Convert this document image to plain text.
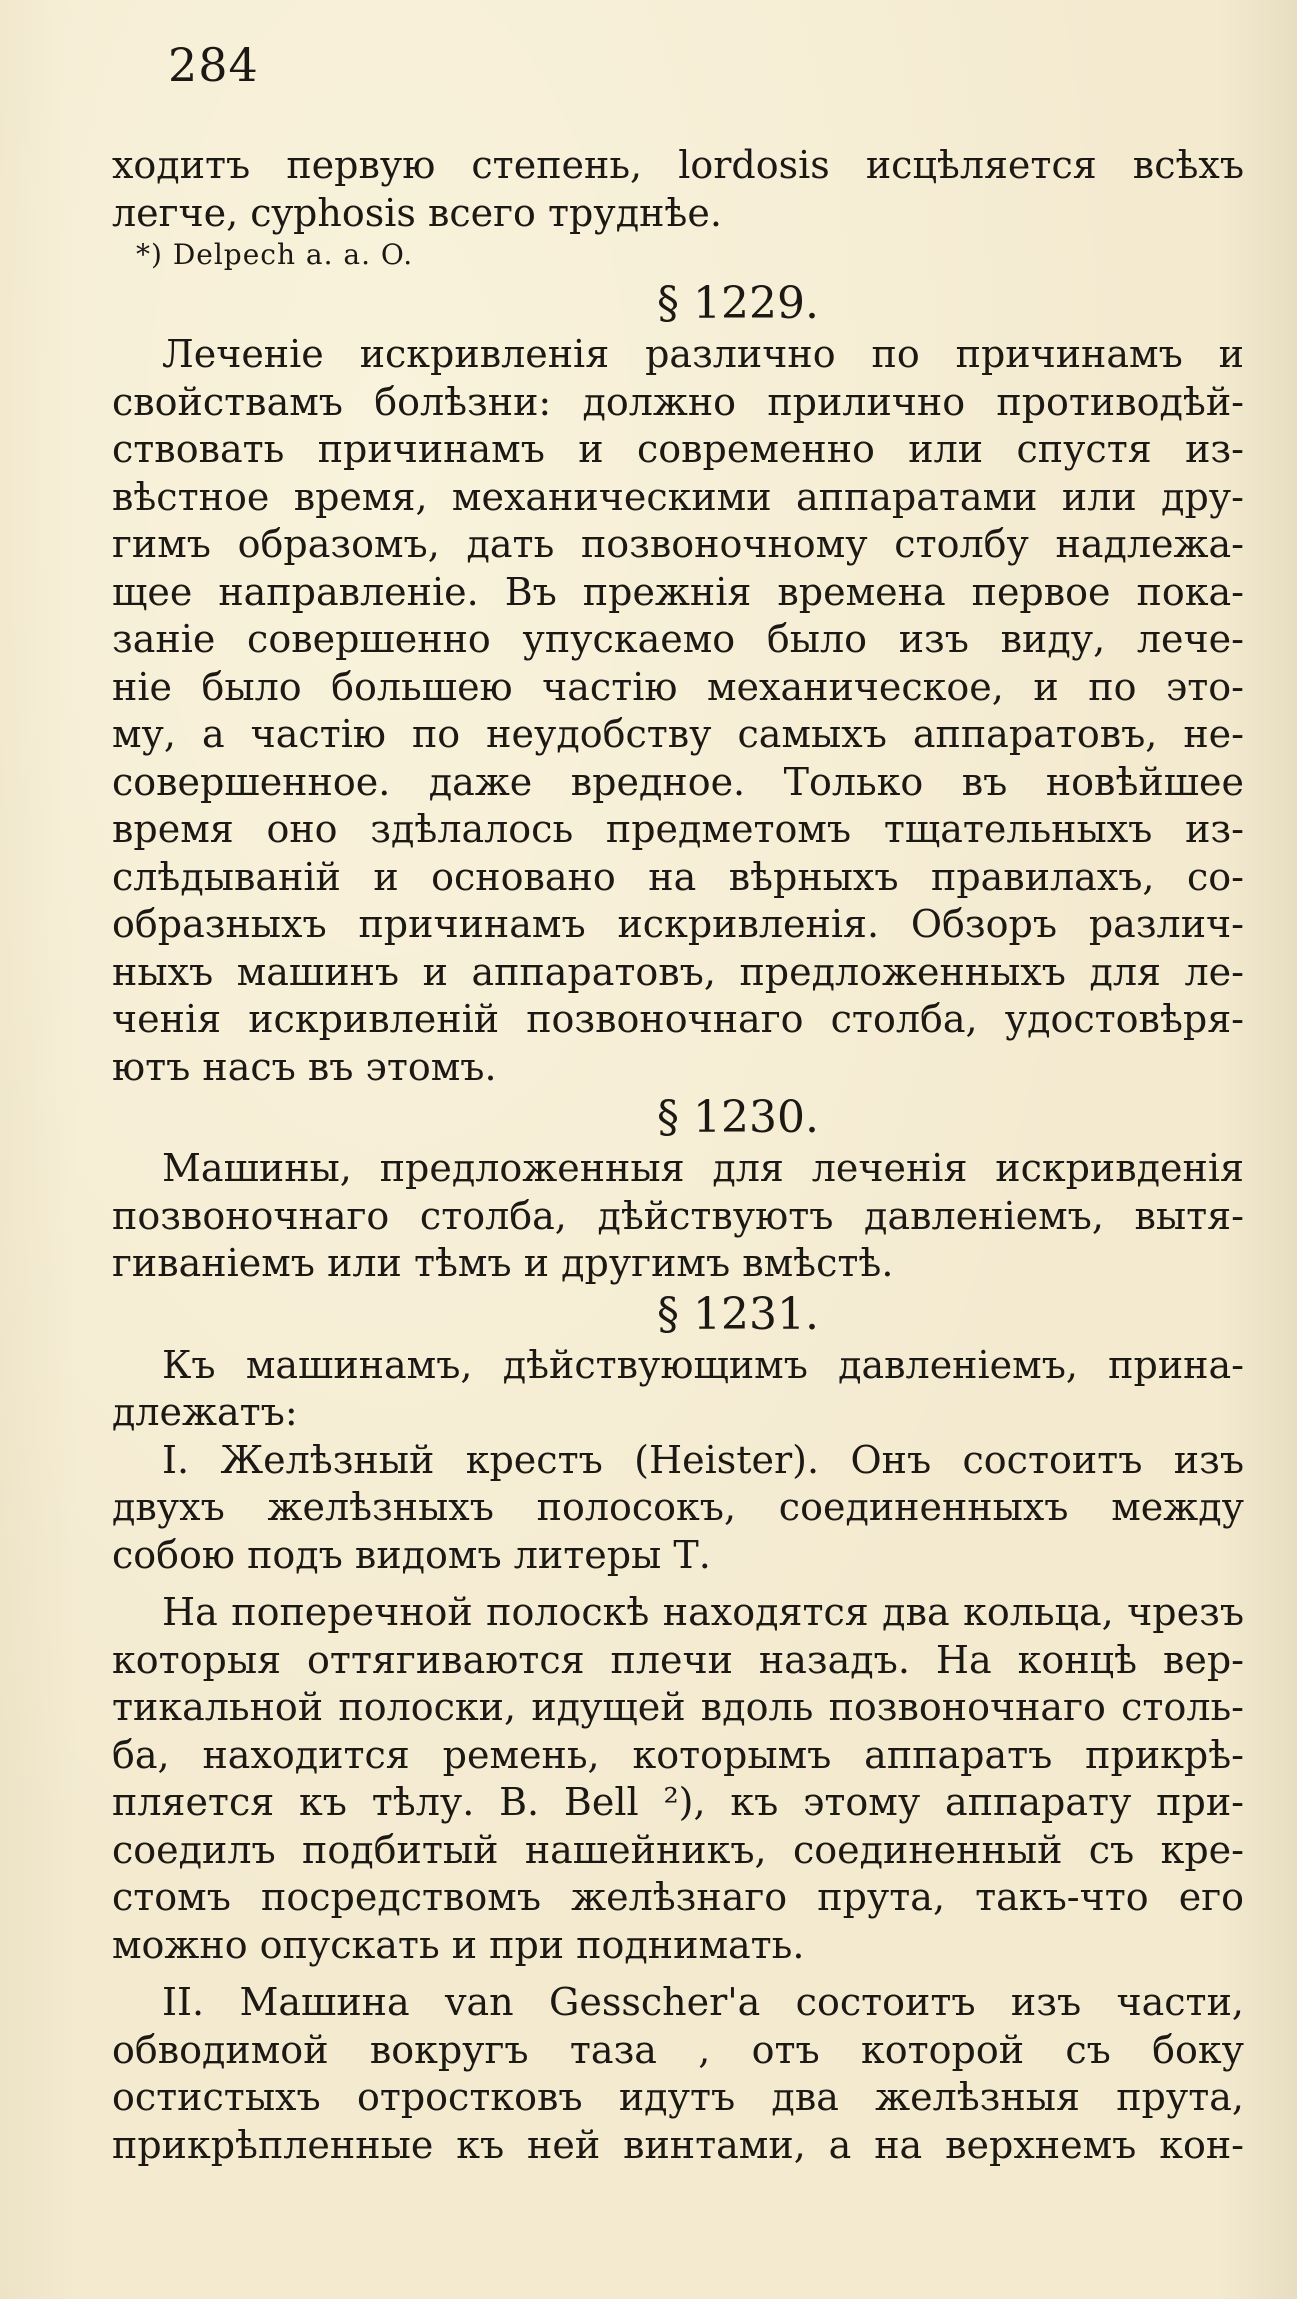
284
ходитъ первую степень, lordosis исцѣляется всѣхъ
легче, cyphosis всего труднѣе.
*) Delpech a. a. O.
§ 1229.
Леченіе искривленія различно по причинамъ и
свойствамъ болѣзни: должно прилично противодѣй-
ствовать причинамъ и современно или спустя из-
вѣстное время, механическими аппаратами или дру-
гимъ образомъ, дать позвоночному столбу надлежа-
щее направленіе. Въ прежнія времена первое пока-
заніе совершенно упускаемо было изъ виду, лече-
ніе было большею частію механическое, и по это-
му, а частію по неудобству самыхъ аппаратовъ, не-
совершенное. даже вредное. Только въ новѣйшее
время оно здѣлалось предметомъ тщательныхъ из-
слѣдыванiй и основано на вѣрныхъ правилахъ, со-
образныхъ причинамъ искривленія. Обзоръ различ-
ныхъ машинъ и аппаратовъ, предложенныхъ для ле-
ченія искривленій позвоночнаго столба, удостовѣря-
ютъ насъ въ этомъ.
§ 1230.
Машины, предложенныя для леченія искривденія
позвоночнаго столба, дѣйствуютъ давленіемъ, вытя-
гиваніемъ или тѣмъ и другимъ вмѣстѣ.
§ 1231.
Къ машинамъ, дѣйствующимъ давленіемъ, прина-
длежатъ:
I. Желѣзный крестъ (Heister). Онъ состоитъ изъ
двухъ желѣзныхъ полосокъ, соединенныхъ между
собою подъ видомъ литеры Т.
На поперечной полоскѣ находятся два кольца, чрезъ
которыя оттягиваются плечи назадъ. На концѣ вер-
тикальной полоски, идущей вдоль позвоночнаго столь-
ба, находится ремень, которымъ аппаратъ прикрѣ-
пляется къ тѣлу. В. Bell ²), къ этому аппарату при-
соедилъ подбитый нашейникъ, соединенный съ кре-
стомъ посредствомъ желѣзнаго прута, такъ-что его
можно опускать и при поднимать.
II. Машина van Gesscher'а состоитъ изъ части,
обводимой вокругъ таза , отъ которой съ боку
остистыхъ отростковъ идутъ два желѣзныя прута,
прикрѣпленные къ ней винтами, а на верхнемъ кон-
